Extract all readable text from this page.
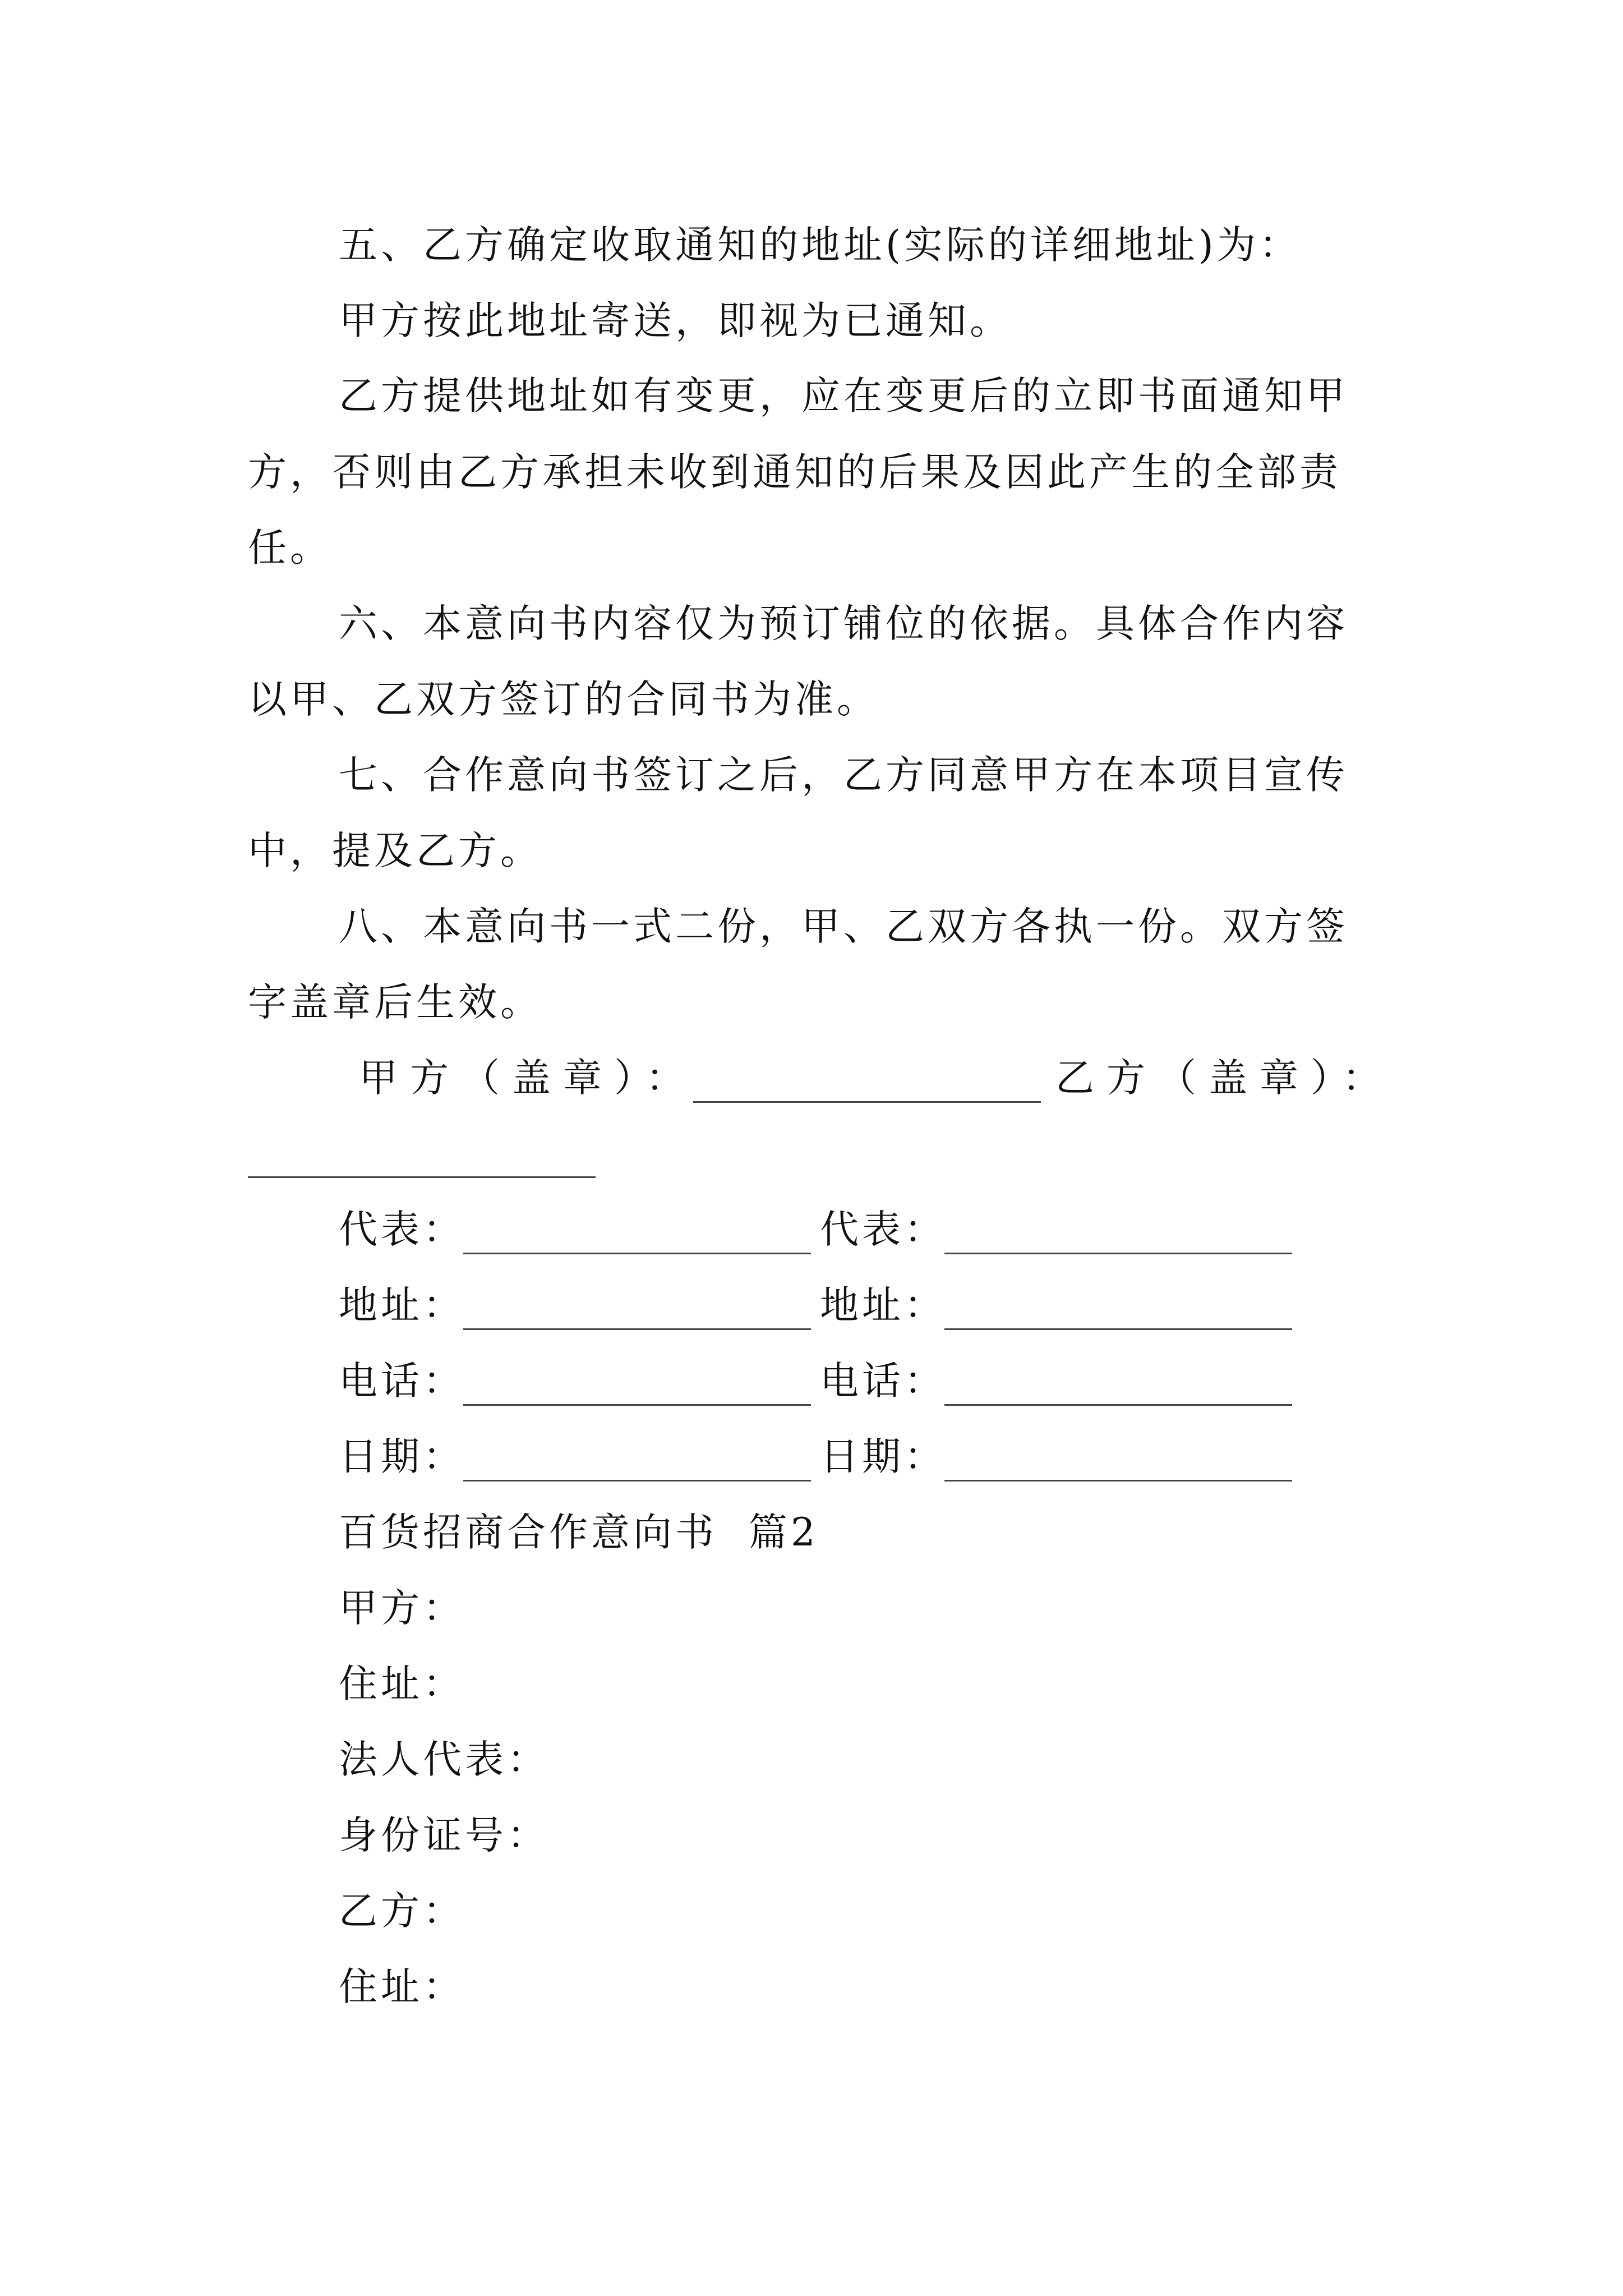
五、乙方确定收取通知的地址(实际的详细地址)为：
甲方按此地址寄送，即视为已通知。
乙方提供地址如有变更，应在变更后的立即书面通知甲
方，否则由乙方承担未收到通知的后果及因此产生的全部责
任。
六、本意向书内容仅为预订铺位的依据。具体合作内容
以甲、乙双方签订的合同书为准。
七、合作意向书签订之后，乙方同意甲方在本项目宣传
中，提及乙方。
八、本意向书一式二份，甲、乙双方各执一份。双方签
字盖章后生效。
甲方（盖章）：	乙方（盖章）：
代表：	代表：
地址：	地址：
电话：	电话：
日期：	日期：
百货招商合作意向书  篇2
甲方：
住址：
法人代表：
身份证号：
乙方：
住址：
